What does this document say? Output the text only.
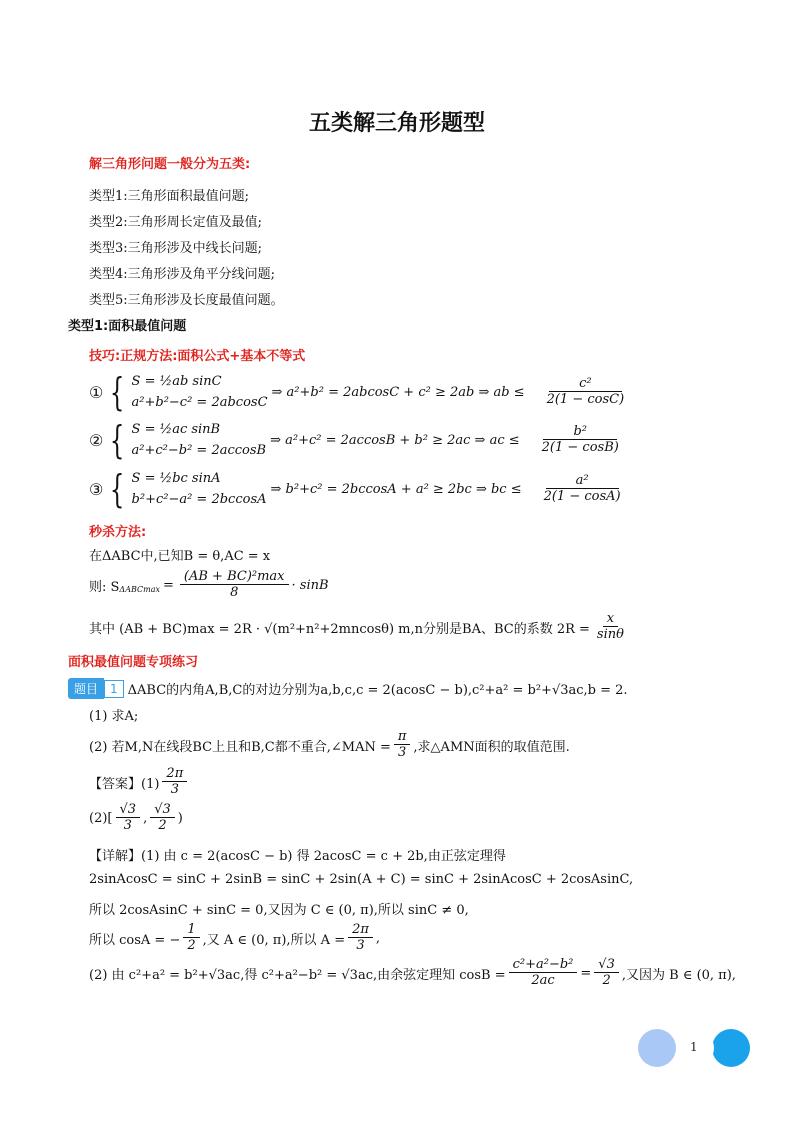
五类解三角形题型
解三角形问题一般分为五类:
类型1:三角形面积最值问题;
类型2:三角形周长定值及最值;
类型3:三角形涉及中线长问题;
类型4:三角形涉及角平分线问题;
类型5:三角形涉及长度最值问题。
类型1:面积最值问题
技巧:正规方法:面积公式+基本不等式
① { S = ½ab sinC
a²+b²−c² = 2abcosC
⇒ a²+b² = 2abcosC + c² ≥ 2ab ⇒ ab ≤ $\frac{\text{c²}}{2(1 - \cos C)}$
② { S = ½ac sinB
a²+c²−b² = 2accosB
⇒ a²+c² = 2accosB + b² ≥ 2ac ⇒ ac ≤ $\frac{\text{b²}}{2(1 - \cos B)}$
③ { S = ½bc sinA
b²+c²−a² = 2bccosA
⇒ b²+c² = 2bccosA + a² ≥ 2bc ⇒ bc ≤ $\frac{\text{a²}}{2(1 - \cos A)}$
秒杀方法:
在ΔABC中,已知B = θ,AC = x
则: S $\Delta ABCmax = \frac{\text{(AB + BC)²max}}{8} \cdot \sin B$
其中 (AB + BC)max = 2R · √(m²+n²+2mncosθ) m,n分别是BA、BC的系数 $2R = \frac{x}{\sin\theta}$
面积最值问题专项练习
题目	1 ΔABC的内角A,B,C的对边分别为a,b,c,c = 2(acosC − b),c²+a² = b²+√3ac,b = 2.
(1) 求A;
(2) 若M,N在线段BC上且和B,C都不重合,∠MAN = $\frac{\pi}{3}$ ,求△AMN面积的取值范围.
【答案】$(1) \frac{2\pi}{3}$
$(2)[ \frac{√3}{3}$ , $\frac{√3}{2}$ )
【详解】(1) 由 c = 2(acosC − b) 得 2acosC = c + 2b,由正弦定理得
2sinAcosC = sinC + 2sinB = sinC + 2sin(A + C) = sinC + 2sinAcosC + 2cosAsinC,
所以 2cosAsinC + sinC = 0,又因为 C ∈ (0, π),所以 sinC ≠ 0,
所以 cosA = − $\frac{1}{2}$ ,又 A ∈ (0, π),所以 $A = \frac{2\pi}{3}$ ,
(2) 由 c²+a² = b²+√3ac,得 c²+a²−b² = √3ac,由余弦定理知 $\cos B = \frac{\text{c²+a²−b²}}{2ac} = \frac{√3}{2}$ ,又因为 B ∈ (0, π),
1
